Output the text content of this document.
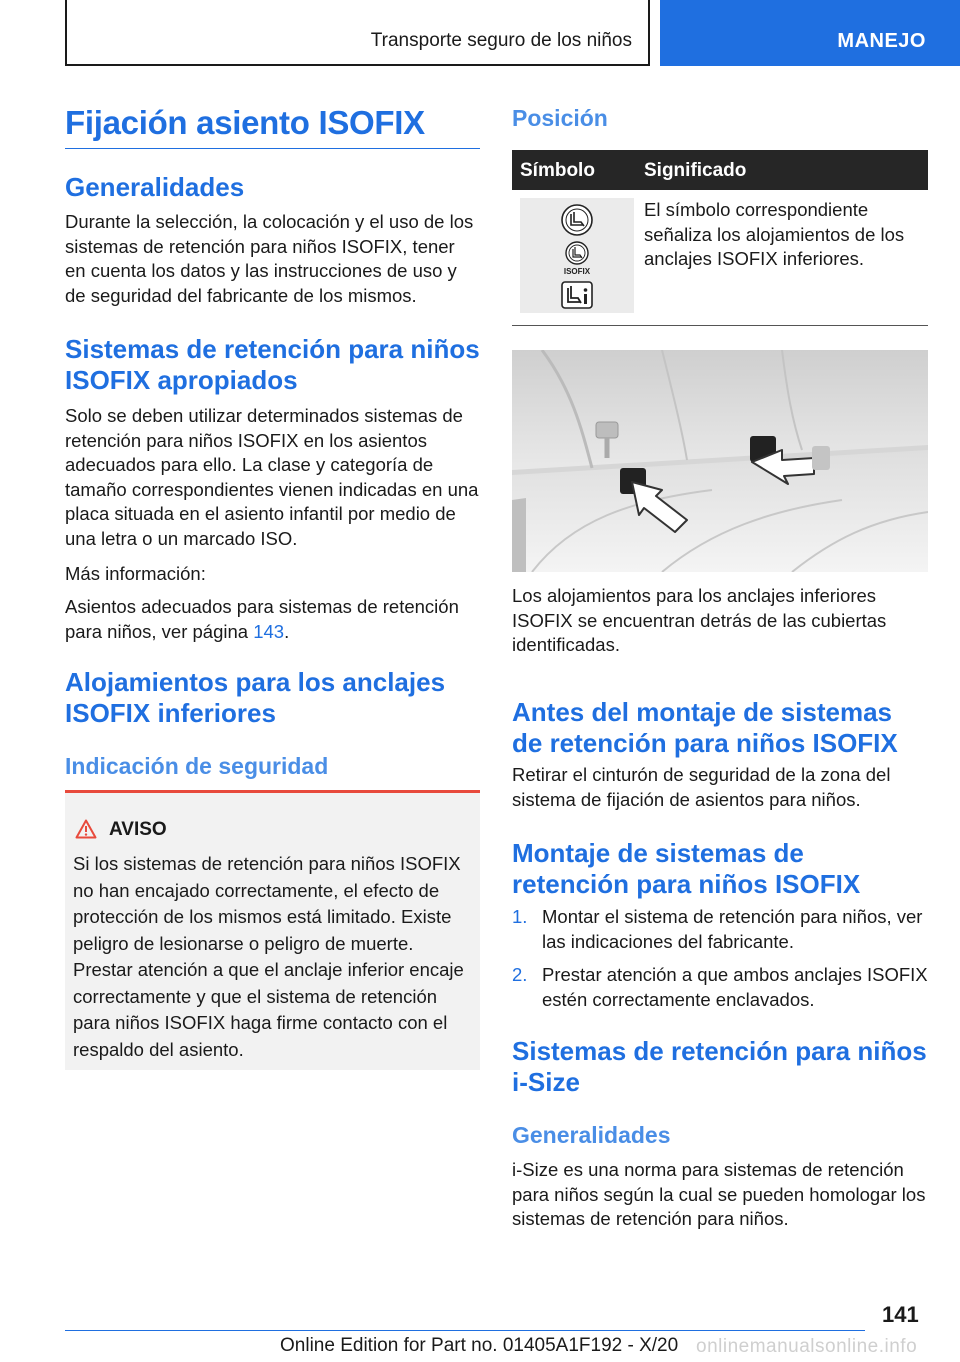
Transporte seguro de los niños	MANEJO
Fijación asiento ISOFIX
Generalidades
Durante la selección, la colocación y el uso de los sistemas de retención para niños ISOFIX, tener en cuenta los datos y las instrucciones de uso y de seguridad del fabricante de los mismos.
Sistemas de retención para niños ISOFIX apropiados
Solo se deben utilizar determinados sistemas de retención para niños ISOFIX en los asientos adecuados para ello. La clase y categoría de tamaño correspondientes vienen indicadas en una placa situada en el asiento infantil por medio de una letra o un marcado ISO.
Más información:
Asientos adecuados para sistemas de retención para niños, ver página 143.
Alojamientos para los anclajes ISOFIX inferiores
Indicación de seguridad
AVISO
Si los sistemas de retención para niños ISOFIX no han encajado correctamente, el efecto de protección de los mismos está limitado. Existe peligro de lesionarse o peligro de muerte. Prestar atención a que el anclaje inferior encaje correctamente y que el sistema de retención para niños ISOFIX haga firme contacto con el respaldo del asiento.
Posición
Símbolo	Significado
ISOFIX
El símbolo correspondiente señaliza los alojamientos de los anclajes ISOFIX inferiores.
Los alojamientos para los anclajes inferiores ISOFIX se encuentran detrás de las cubiertas identificadas.
Antes del montaje de sistemas de retención para niños ISOFIX
Retirar el cinturón de seguridad de la zona del sistema de fijación de asientos para niños.
Montaje de sistemas de retención para niños ISOFIX
1. Montar el sistema de retención para niños, ver las indicaciones del fabricante.
2. Prestar atención a que ambos anclajes ISOFIX estén correctamente enclavados.
Sistemas de retención para niños i-Size
Generalidades
i-Size es una norma para sistemas de retención para niños según la cual se pueden homologar los sistemas de retención para niños.
141
Online Edition for Part no. 01405A1F192 - X/20 onlinemanualsonline.info
